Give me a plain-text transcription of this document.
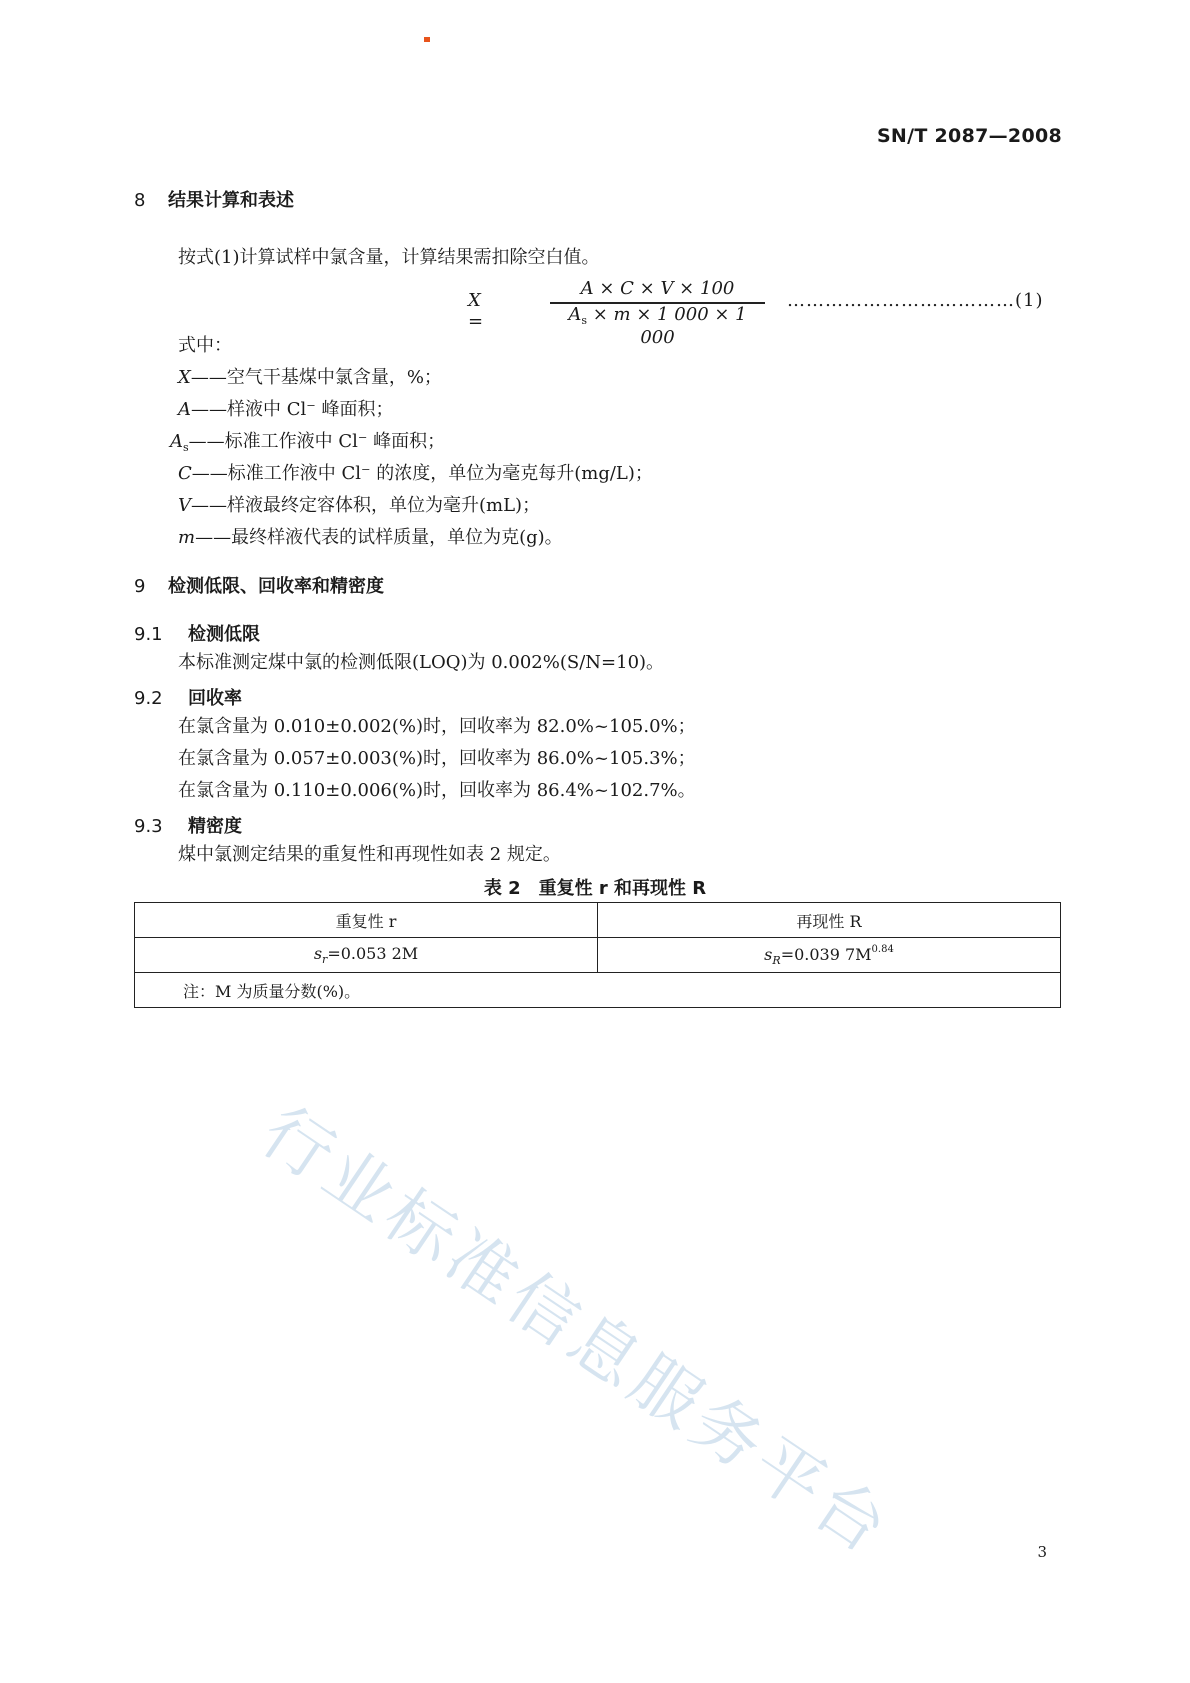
SN/T 2087—2008
8 结果计算和表述
按式(1)计算试样中氯含量，计算结果需扣除空白值。
X =
A × C × V × 100
$A_s \times m \times 1$ 000 × 1 000
………………………………(1)
式中：
X——空气干基煤中氯含量，%；
A——样液中 Cl⁻ 峰面积；
$A_s——$标准工作液中 Cl⁻ 峰面积；
C——标准工作液中 Cl⁻ 的浓度，单位为毫克每升(mg/L)；
V——样液最终定容体积，单位为毫升(mL)；
m——最终样液代表的试样质量，单位为克(g)。
9 检测低限、回收率和精密度
9.1 检测低限
本标准测定煤中氯的检测低限(LOQ)为 0.002%(S/N=10)。
9.2 回收率
在氯含量为 0.010±0.002(%)时，回收率为 82.0%~105.0%；
在氯含量为 0.057±0.003(%)时，回收率为 86.0%~105.3%；
在氯含量为 0.110±0.006(%)时，回收率为 86.4%~102.7%。
9.3 精密度
煤中氯测定结果的重复性和再现性如表 2 规定。
表 2　重复性 r 和再现性 R
重复性 r	再现性 R
$s_r=0.053$ 2M	$s_R=0.039$ $7M^{0.84}$
注：M 为质量分数(%)。	
行业标准信息服务平台	3
